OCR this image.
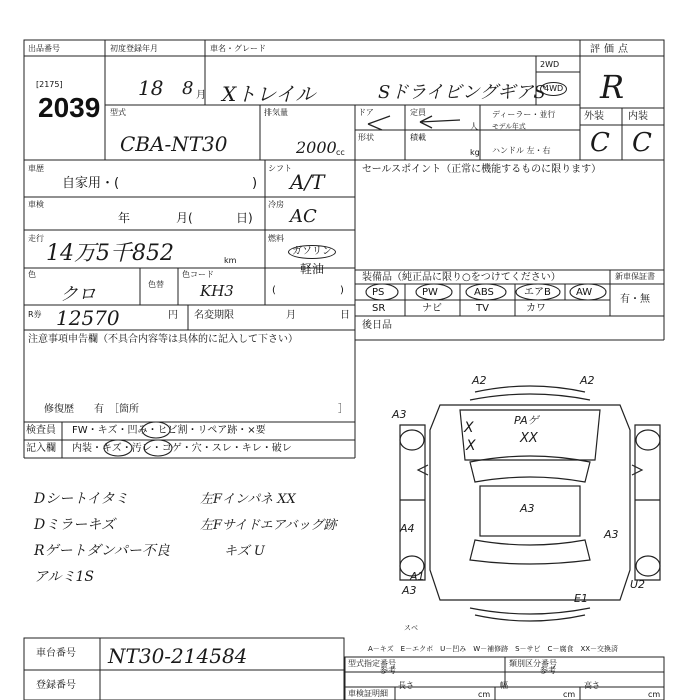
出品番号
[2175]
2039
初度登録年月	車名・グレード
18 8 月 Xトレイル	SドライビングギアS
2WD
4WD
評価点
R
外装 内装
C C
型式
CBA-NT30
排気量
2000 cc
ドア	定員
人
ディーラー・並行
モデル年式
形状	積載
kg ハンドル 左・右
車歴
自家用・(	)
シフト
A/T
セールスポイント（正常に機能するものに限ります）
車検
年	月(	日)
冷房
AC
走行
14万5千852	km
燃料
ガソリン
軽油
(	)
色
クロ	色替
色コード
KH3
装備品（純正品に限り○をつけてください）	新車保証書
有・無
PS	PW	ABS	エアB	AW
SR	ナビ	TV	カワ
R券 12570	円 名変期限	月	日
後日品
注意事項申告欄（不具合内容等は具体的に記入して下さい）
修復歴　　有　［箇所	］
検査員
記入欄
FW・キズ・凹み・ヒビ割・リペア跡・×要
内装・キズ・汚レ・コゲ・穴・スレ・キレ・破レ
Dシートイタミ
Dミラーキズ
Rゲートダンパー不良
アルミ1S
左Fインパネ XX
左Fサイドエアバッグ跡
キズ U
A2	A2
A3
X
X
PAゲ
XX
A3
A4	A3
A1
A3
スベ
E1
U2
A－キズ　E－エクボ　U－凹み　W－補修跡　S－サビ　C－腐食　XX－交換済
型式指定番号
参考
類別区分番号
参考
車検証明細
長さ
cm
幅
cm
高さ
cm
車台番号 NT30-214584
登録番号
